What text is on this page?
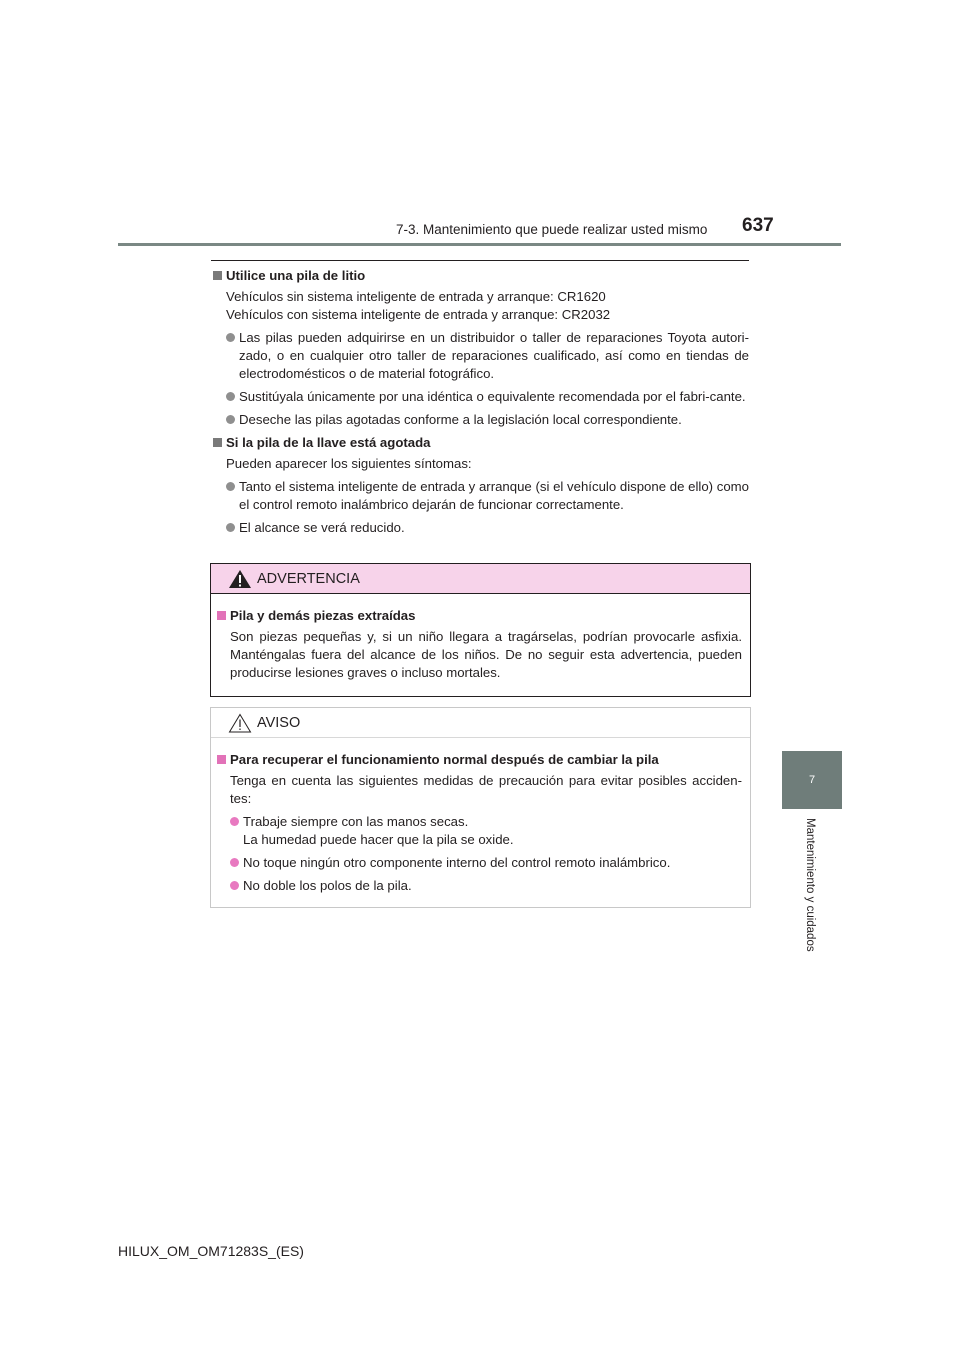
7-3. Mantenimiento que puede realizar usted mismo 637
7
Mantenimiento y cuidados
Utilice una pila de litio
Vehículos sin sistema inteligente de entrada y arranque: CR1620
Vehículos con sistema inteligente de entrada y arranque: CR2032
Las pilas pueden adquirirse en un distribuidor o taller de reparaciones Toyota autori-zado, o en cualquier otro taller de reparaciones cualificado, así como en tiendas de electrodomésticos o de material fotográfico.
Sustitúyala únicamente por una idéntica o equivalente recomendada por el fabri-cante.
Deseche las pilas agotadas conforme a la legislación local correspondiente.
Si la pila de la llave está agotada
Pueden aparecer los siguientes síntomas:
Tanto el sistema inteligente de entrada y arranque (si el vehículo dispone de ello) como el control remoto inalámbrico dejarán de funcionar correctamente.
El alcance se verá reducido.
ADVERTENCIA
Pila y demás piezas extraídas
Son piezas pequeñas y, si un niño llegara a tragárselas, podrían provocarle asfixia. Manténgalas fuera del alcance de los niños. De no seguir esta advertencia, pueden producirse lesiones graves o incluso mortales.
AVISO
Para recuperar el funcionamiento normal después de cambiar la pila
Tenga en cuenta las siguientes medidas de precaución para evitar posibles acciden-tes:
Trabaje siempre con las manos secas.
La humedad puede hacer que la pila se oxide.
No toque ningún otro componente interno del control remoto inalámbrico.
No doble los polos de la pila.
HILUX_OM_OM71283S_(ES)
